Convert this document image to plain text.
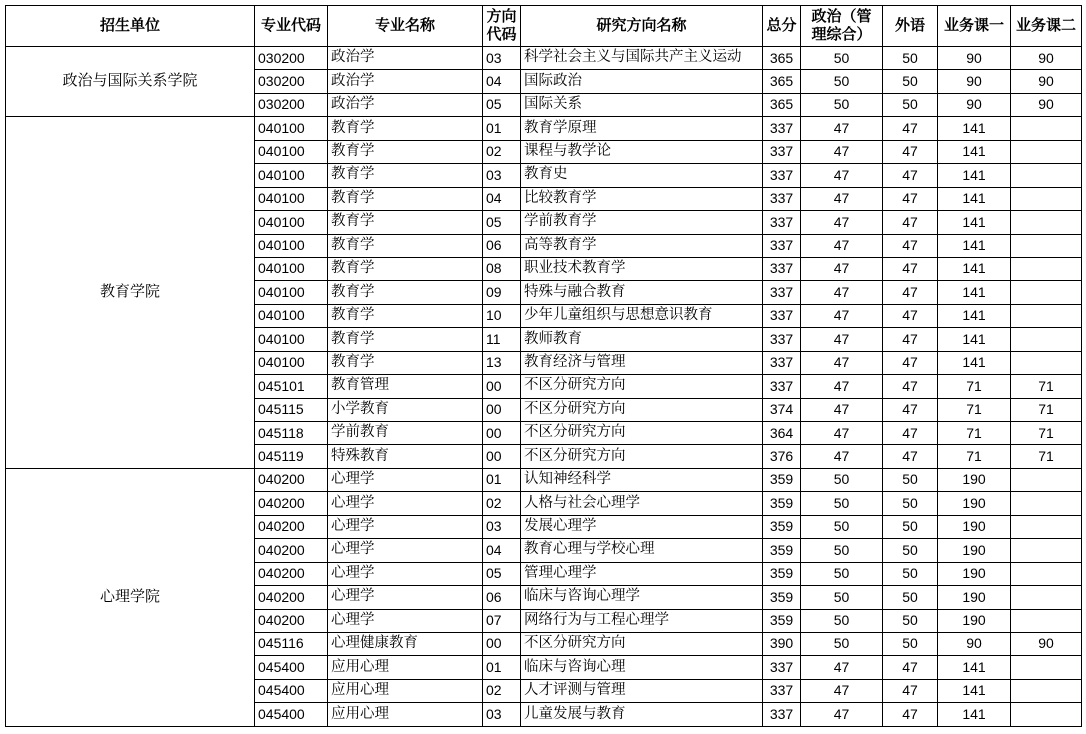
招生单位	专业代码	专业名称	方向代码	研究方向名称	总分	政治（管理综合）	外语	业务课一	业务课二
政治与国际关系学院	030200	政治学	03	科学社会主义与国际共产主义运动	365	50	50	90	90
	030200	政治学	04	国际政治	365	50	50	90	90
	030200	政治学	05	国际关系	365	50	50	90	90
教育学院	040100	教育学	01	教育学原理	337	47	47	141	
	040100	教育学	02	课程与教学论	337	47	47	141	
	040100	教育学	03	教育史	337	47	47	141	
	040100	教育学	04	比较教育学	337	47	47	141	
	040100	教育学	05	学前教育学	337	47	47	141	
	040100	教育学	06	高等教育学	337	47	47	141	
	040100	教育学	08	职业技术教育学	337	47	47	141	
	040100	教育学	09	特殊与融合教育	337	47	47	141	
	040100	教育学	10	少年儿童组织与思想意识教育	337	47	47	141	
	040100	教育学	11	教师教育	337	47	47	141	
	040100	教育学	13	教育经济与管理	337	47	47	141	
	045101	教育管理	00	不区分研究方向	337	47	47	71	71
	045115	小学教育	00	不区分研究方向	374	47	47	71	71
	045118	学前教育	00	不区分研究方向	364	47	47	71	71
	045119	特殊教育	00	不区分研究方向	376	47	47	71	71
心理学院	040200	心理学	01	认知神经科学	359	50	50	190	
	040200	心理学	02	人格与社会心理学	359	50	50	190	
	040200	心理学	03	发展心理学	359	50	50	190	
	040200	心理学	04	教育心理与学校心理	359	50	50	190	
	040200	心理学	05	管理心理学	359	50	50	190	
	040200	心理学	06	临床与咨询心理学	359	50	50	190	
	040200	心理学	07	网络行为与工程心理学	359	50	50	190	
	045116	心理健康教育	00	不区分研究方向	390	50	50	90	90
	045400	应用心理	01	临床与咨询心理	337	47	47	141	
	045400	应用心理	02	人才评测与管理	337	47	47	141	
	045400	应用心理	03	儿童发展与教育	337	47	47	141	
